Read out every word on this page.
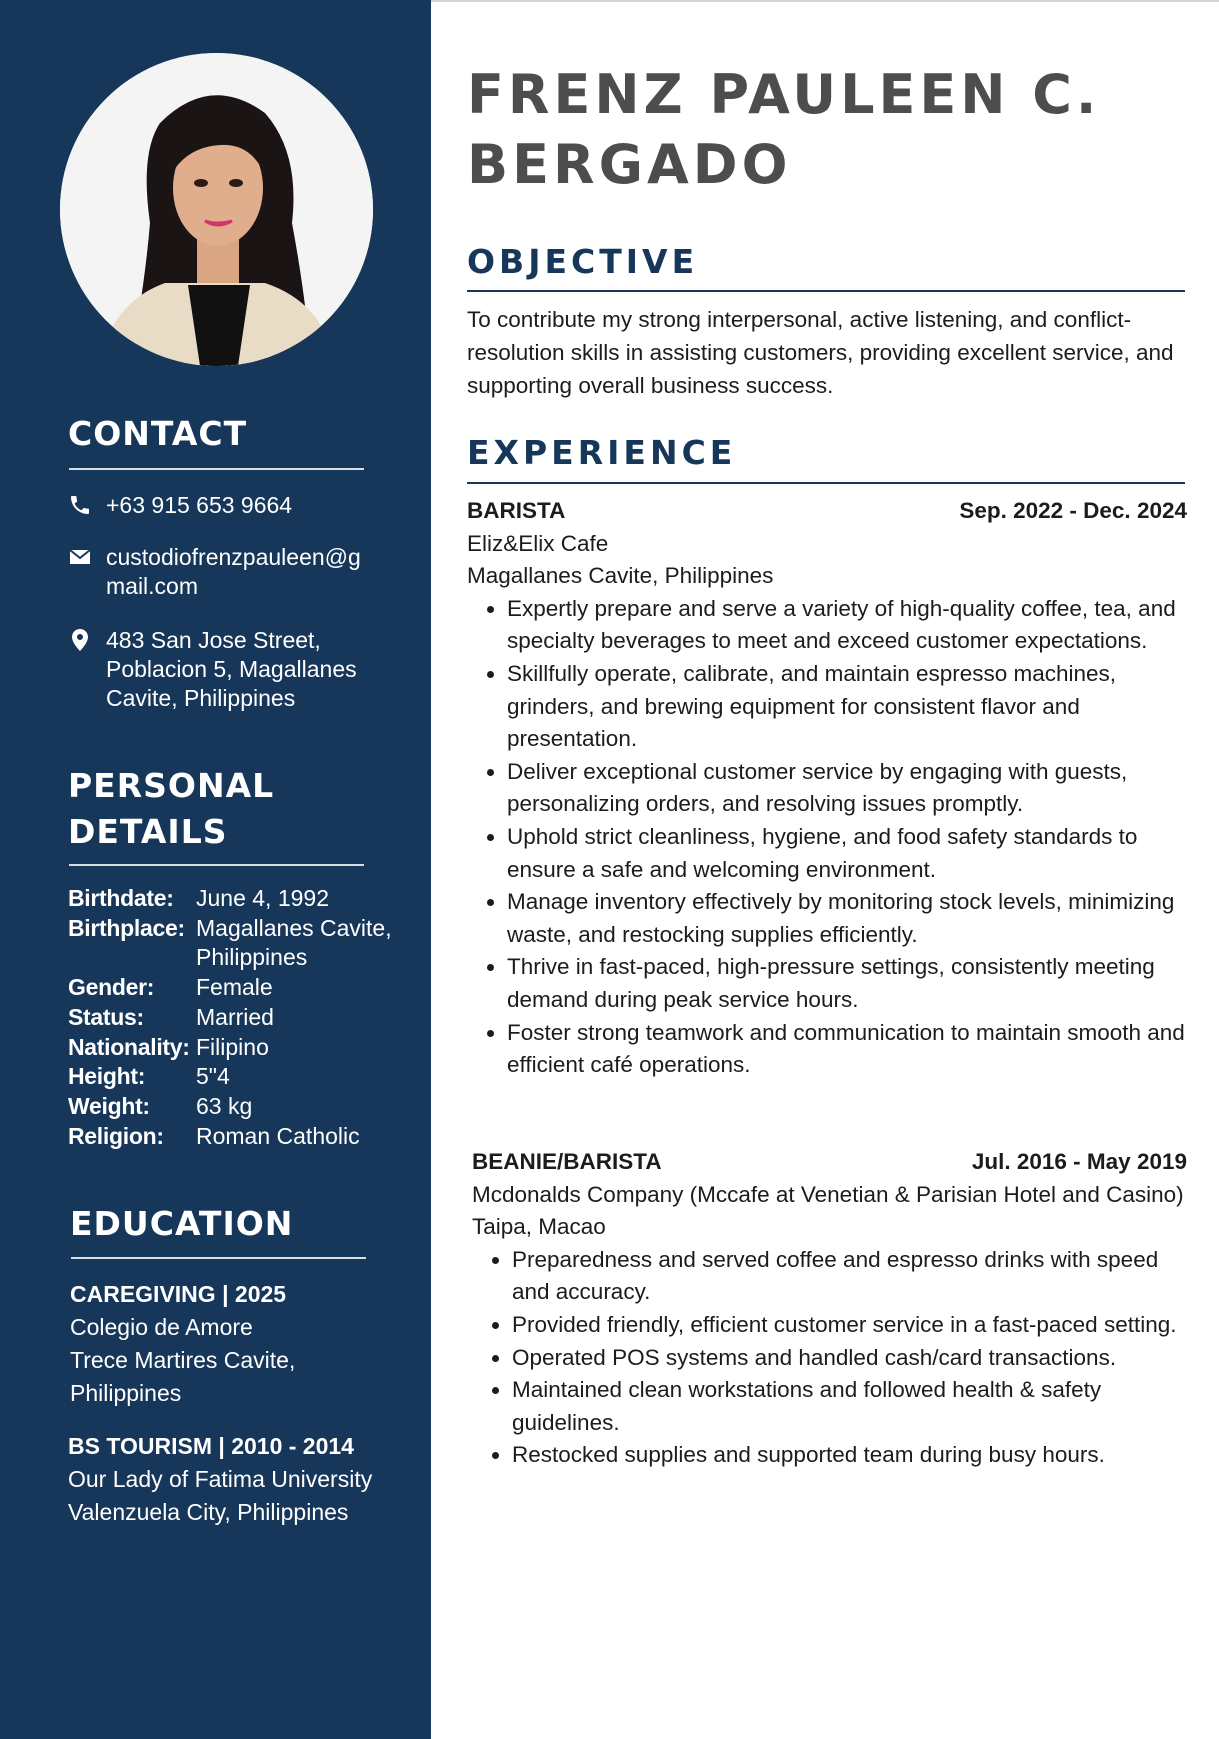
CONTACT
+63 915 653 9664
custodiofrenzpauleen@gmail.com
483 San Jose Street, Poblacion 5, Magallanes Cavite, Philippines
PERSONAL
DETAILS
Birthdate: June 4, 1992
Birthplace: Magallanes Cavite, Philippines
Gender:	Female
Status:	Married
Nationality: Filipino
Height:	5"4
Weight:	63 kg
Religion:	Roman Catholic
EDUCATION
CAREGIVING | 2025
Colegio de Amore
Trece Martires Cavite, Philippines
BS TOURISM | 2010 - 2014
Our Lady of Fatima University
Valenzuela City, Philippines
FRENZ PAULEEN C.
BERGADO
OBJECTIVE

To contribute my strong interpersonal, active listening, and conflict-resolution skills in assisting customers, providing excellent service, and supporting overall business success.

EXPERIENCE
BARISTA	Sep. 2022 - Dec. 2024
Eliz&Elix Cafe
Magallanes Cavite, Philippines
• Expertly prepare and serve a variety of high-quality coffee, tea, and specialty beverages to meet and exceed customer expectations.
• Skillfully operate, calibrate, and maintain espresso machines, grinders, and brewing equipment for consistent flavor and presentation.
• Deliver exceptional customer service by engaging with guests, personalizing orders, and resolving issues promptly.
• Uphold strict cleanliness, hygiene, and food safety standards to ensure a safe and welcoming environment.
• Manage inventory effectively by monitoring stock levels, minimizing waste, and restocking supplies efficiently.
• Thrive in fast-paced, high-pressure settings, consistently meeting demand during peak service hours.
• Foster strong teamwork and communication to maintain smooth and efficient café operations.
BEANIE/BARISTA	Jul. 2016 - May 2019
Mcdonalds Company (Mccafe at Venetian & Parisian Hotel and Casino)
Taipa, Macao
• Preparedness and served coffee and espresso drinks with speed and accuracy.
• Provided friendly, efficient customer service in a fast-paced setting.
• Operated POS systems and handled cash/card transactions.
• Maintained clean workstations and followed health & safety guidelines.
• Restocked supplies and supported team during busy hours.
